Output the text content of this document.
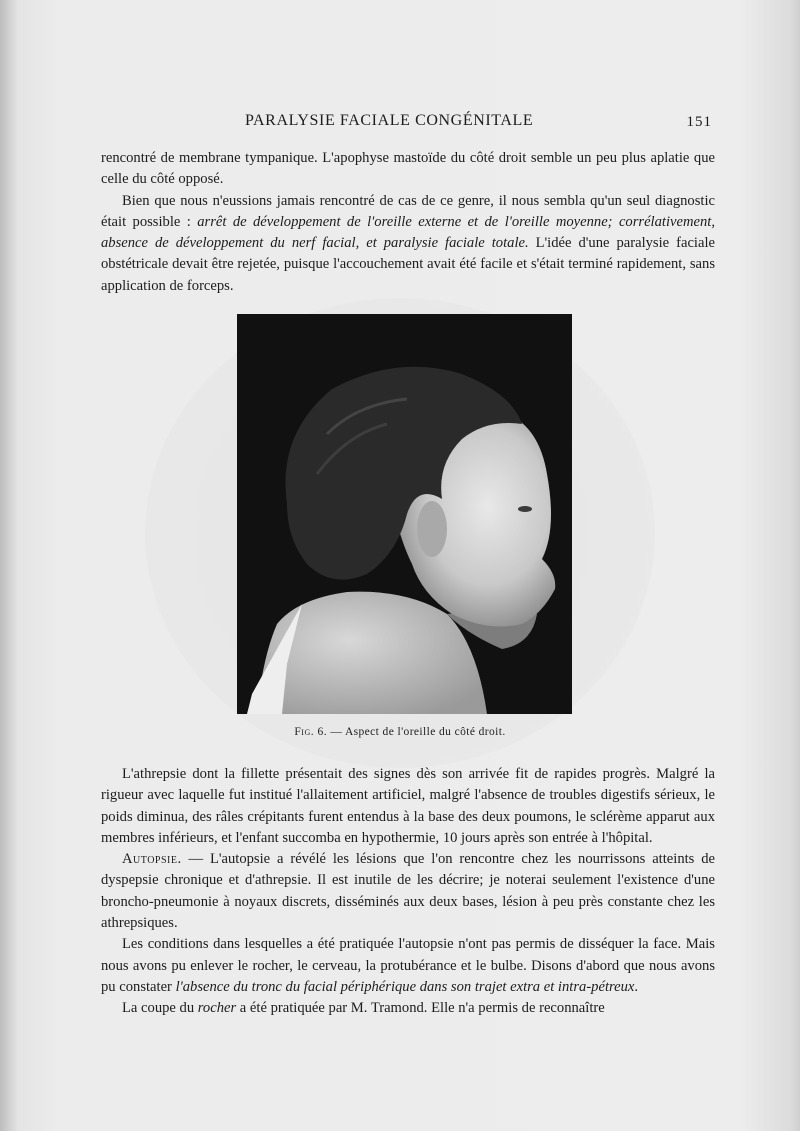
PARALYSIE FACIALE CONGÉNITALE	151

rencontré de membrane tympanique. L'apophyse mastoïde du côté droit semble un peu plus aplatie que celle du côté opposé.

Bien que nous n'eussions jamais rencontré de cas de ce genre, il nous sembla qu'un seul diagnostic était possible : arrêt de développement de l'oreille externe et de l'oreille moyenne; corrélativement, absence de développement du nerf facial, et paralysie faciale totale. L'idée d'une paralysie faciale obstétricale devait être rejetée, puisque l'accouchement avait été facile et s'était terminé rapidement, sans application de forceps.

Fig. 6. — Aspect de l'oreille du côté droit.

L'athrepsie dont la fillette présentait des signes dès son arrivée fit de rapides progrès. Malgré la rigueur avec laquelle fut institué l'allaitement artificiel, malgré l'absence de troubles digestifs sérieux, le poids diminua, des râles crépitants furent entendus à la base des deux poumons, le sclérème apparut aux membres inférieurs, et l'enfant succomba en hypothermie, 10 jours après son entrée à l'hôpital.

Autopsie. — L'autopsie a révélé les lésions que l'on rencontre chez les nourrissons atteints de dyspepsie chronique et d'athrepsie. Il est inutile de les décrire; je noterai seulement l'existence d'une broncho-pneumonie à noyaux discrets, disséminés aux deux bases, lésion à peu près constante chez les athrepsiques.

Les conditions dans lesquelles a été pratiquée l'autopsie n'ont pas permis de disséquer la face. Mais nous avons pu enlever le rocher, le cerveau, la protubérance et le bulbe. Disons d'abord que nous avons pu constater l'absence du tronc du facial périphérique dans son trajet extra et intra-pétreux.

La coupe du rocher a été pratiquée par M. Tramond. Elle n'a permis de reconnaître
